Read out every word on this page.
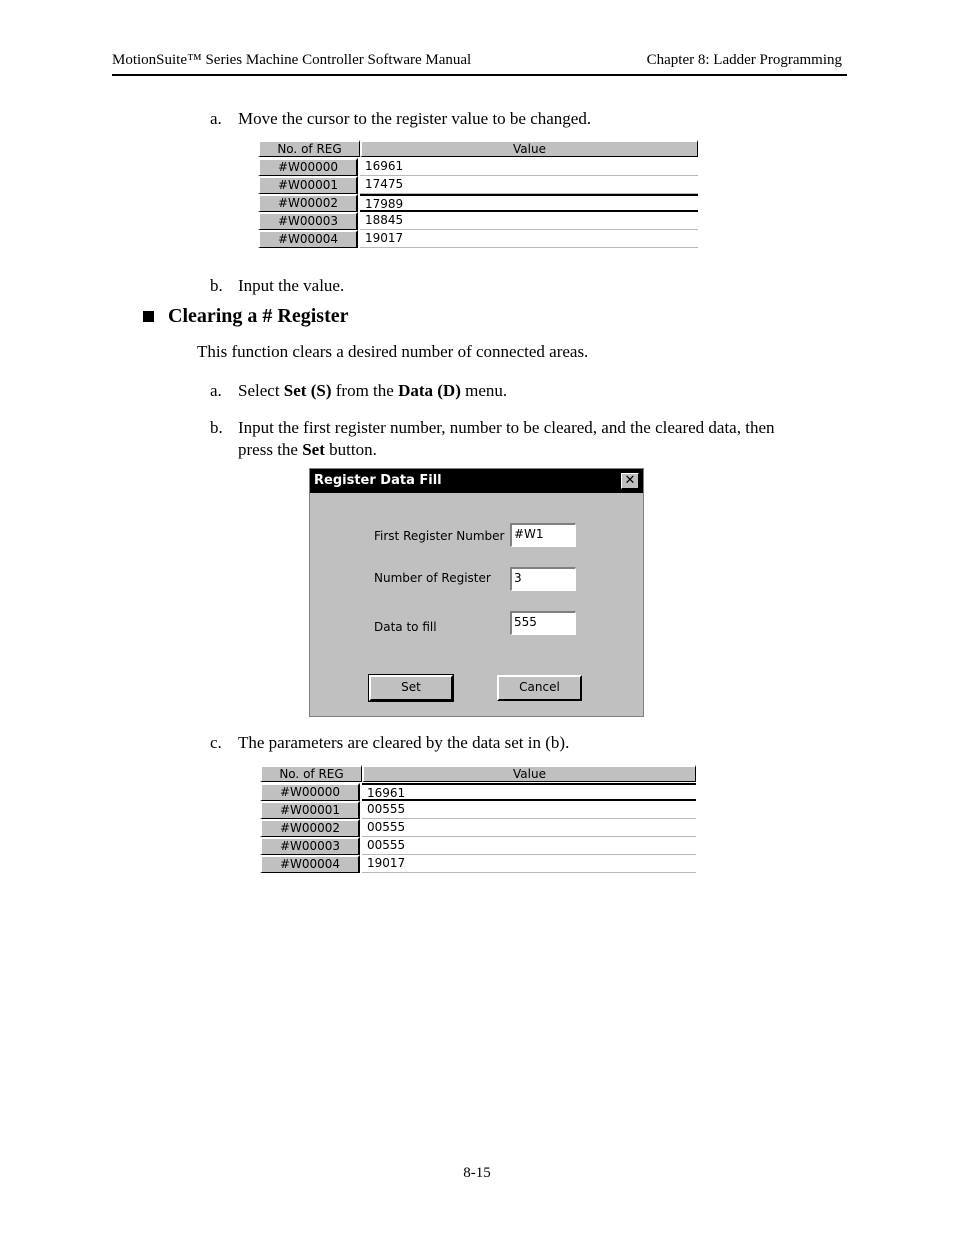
MotionSuite™ Series Machine Controller Software Manual	Chapter 8: Ladder Programming
a. Move the cursor to the register value to be changed.
No. of REG	Value
#W00000	16961
#W00001	17475
#W00002	17989
#W00003	18845
#W00004	19017
b. Input the value.
Clearing a # Register
This function clears a desired number of connected areas.
a. Select Set (S) from the Data (D) menu.
b. Input the first register number, number to be cleared, and the cleared data, then
press the Set button.
Register Data Fill	✕
First Register Number #W1
Number of Register	3
Data to fill	555
Set	Cancel
c. The parameters are cleared by the data set in (b).
No. of REG	Value
#W00000	16961
#W00001	00555
#W00002	00555
#W00003	00555
#W00004	19017
8-15
